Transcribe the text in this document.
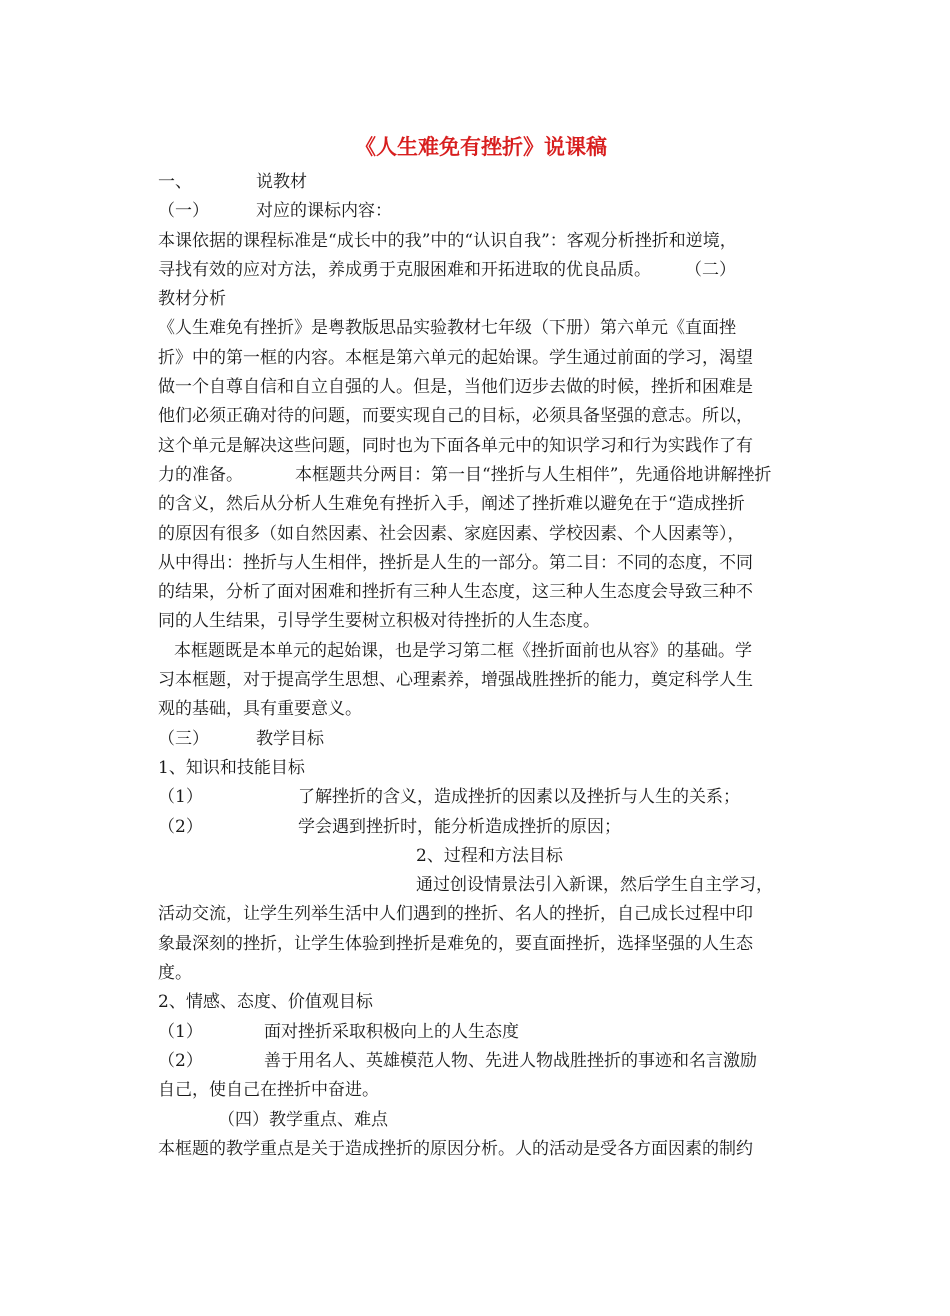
《人生难免有挫折》说课稿
一、	说教材
（一）	对应的课标内容：
本课依据的课程标准是“成长中的我”中的“认识自我”：客观分析挫折和逆境，
寻找有效的应对方法，养成勇于克服困难和开拓进取的优良品质。 （二）
教材分析
《人生难免有挫折》是粤教版思品实验教材七年级（下册）第六单元《直面挫
折》中的第一框的内容。本框是第六单元的起始课。学生通过前面的学习，渴望
做一个自尊自信和自立自强的人。但是，当他们迈步去做的时候，挫折和困难是
他们必须正确对待的问题，而要实现自己的目标，必须具备坚强的意志。所以，
这个单元是解决这些问题，同时也为下面各单元中的知识学习和行为实践作了有
力的准备。	本框题共分两目：第一目“挫折与人生相伴”，先通俗地讲解挫折
的含义，然后从分析人生难免有挫折入手，阐述了挫折难以避免在于“造成挫折
的原因有很多（如自然因素、社会因素、家庭因素、学校因素、个人因素等），
从中得出：挫折与人生相伴，挫折是人生的一部分。第二目：不同的态度，不同
的结果，分析了面对困难和挫折有三种人生态度，这三种人生态度会导致三种不
同的人生结果，引导学生要树立积极对待挫折的人生态度。
本框题既是本单元的起始课，也是学习第二框《挫折面前也从容》的基础。学
习本框题，对于提高学生思想、心理素养，增强战胜挫折的能力，奠定科学人生
观的基础，具有重要意义。
（三）	教学目标
1、知识和技能目标
（1）	了解挫折的含义，造成挫折的因素以及挫折与人生的关系；
（2）	学会遇到挫折时，能分析造成挫折的原因；
2、过程和方法目标
通过创设情景法引入新课，然后学生自主学习，
活动交流，让学生列举生活中人们遇到的挫折、名人的挫折，自己成长过程中印
象最深刻的挫折，让学生体验到挫折是难免的，要直面挫折，选择坚强的人生态
度。
2、情感、态度、价值观目标
（1）	面对挫折采取积极向上的人生态度
（2）	善于用名人、英雄模范人物、先进人物战胜挫折的事迹和名言激励
自己，使自己在挫折中奋进。
（四）教学重点、难点
本框题的教学重点是关于造成挫折的原因分析。人的活动是受各方面因素的制约
